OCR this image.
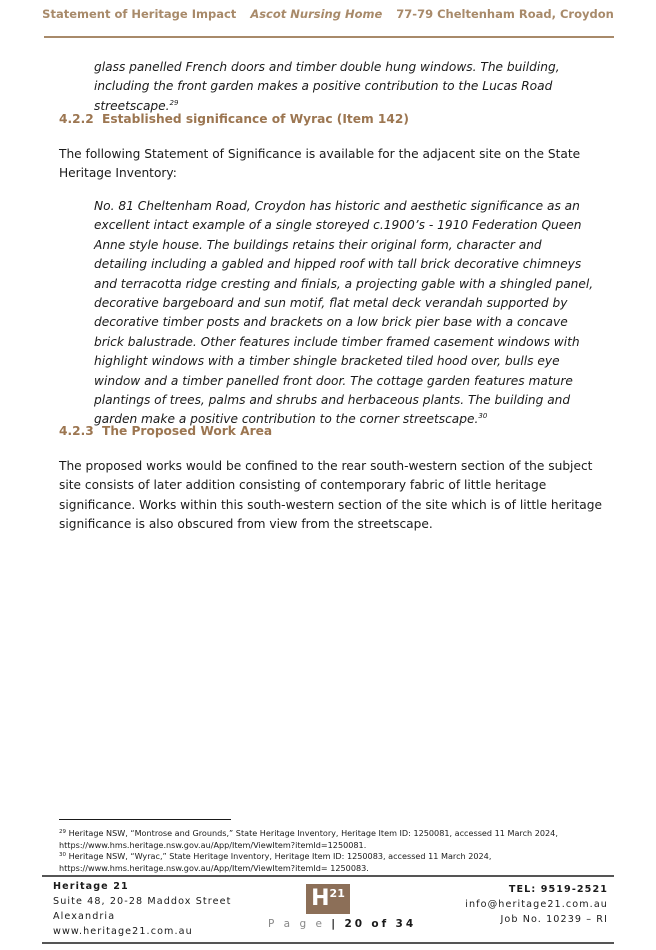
Statement of Heritage Impact Ascot Nursing Home 77-79 Cheltenham Road, Croydon
glass panelled French doors and timber double hung windows. The building, including the front garden makes a positive contribution to the Lucas Road streetscape.$^{29}$
4.2.2 Established significance of Wyrac (Item 142)
The following Statement of Significance is available for the adjacent site on the State Heritage Inventory:
No. 81 Cheltenham Road, Croydon has historic and aesthetic significance as an excellent intact example of a single storeyed c.1900’s - 1910 Federation Queen Anne style house. The buildings retains their original form, character and detailing including a gabled and hipped roof with tall brick decorative chimneys and terracotta ridge cresting and finials, a projecting gable with a shingled panel, decorative bargeboard and sun motif, flat metal deck verandah supported by decorative timber posts and brackets on a low brick pier base with a concave brick balustrade. Other features include timber framed casement windows with highlight windows with a timber shingle bracketed tiled hood over, bulls eye window and a timber panelled front door. The cottage garden features mature plantings of trees, palms and shrubs and herbaceous plants. The building and garden make a positive contribution to the corner streetscape.$^{30}$
4.2.3 The Proposed Work Area
The proposed works would be confined to the rear south-western section of the subject site consists of later addition consisting of contemporary fabric of little heritage significance. Works within this south-western section of the site which is of little heritage significance is also obscured from view from the streetscape.
$^{29}$ Heritage NSW, “Montrose and Grounds,” State Heritage Inventory, Heritage Item ID: 1250081, accessed 11 March 2024,
https://www.hms.heritage.nsw.gov.au/App/Item/ViewItem?itemId=1250081.
$^{30}$ Heritage NSW, “Wyrac,” State Heritage Inventory, Heritage Item ID: 1250083, accessed 11 March 2024,
https://www.hms.heritage.nsw.gov.au/App/Item/ViewItem?itemId= 1250083.
Heritage 21
Suite 48, 20-28 Maddox Street
Alexandria
www.heritage21.com.au
$H^{21}$
P a g e | 20 of 34
TEL: 9519-2521
info@heritage21.com.au
Job No. 10239 – RI
